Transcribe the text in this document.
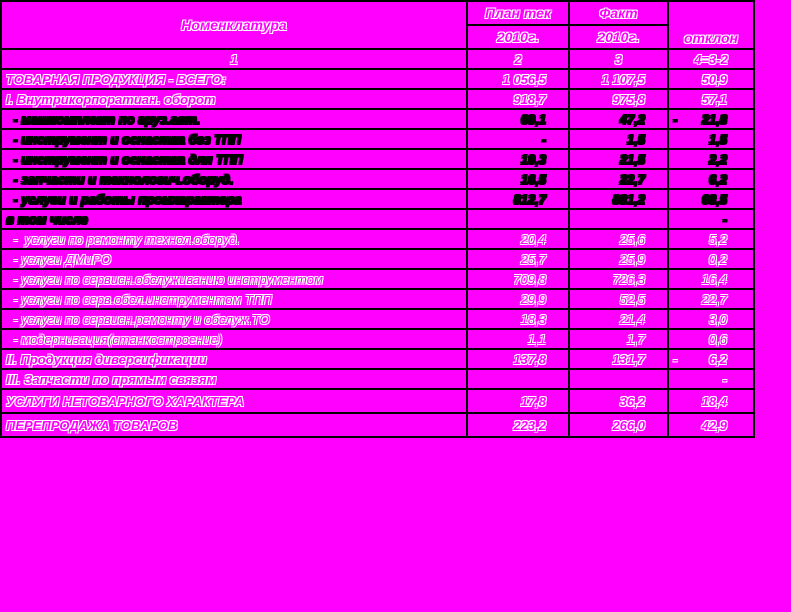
Номенклатура	План тек	Факт	отклон
	2010г.	2010г.	
1	2	3	4=3-2
ТОВАРНАЯ ПРОДУКЦИЯ - ВСЕГО:	1 056,5	1 107,5	50,9
I. Внутрикорпоратиан. оборот	918,7	975,8	57,1
- машкомплект по груз.авт.	69,1	47,2	- 21,8
- инструмент и оснастка без ТПП	-	1,5	1,5
- инструмент и оснастка для ТПП	19,3	21,5	2,2
- запчасти и технологич.оборуд.	16,5	22,7	6,2
- услуги и работы промхарактера	812,7	881,2	68,5
в том числе			-
-  услуги по ремонту технол.оборуд.	20,4	25,6	5,2
- услуги ДМиРО	25,7	25,9	0,2
- услуги по сервисн.обслуживанию инструментом	709,8	726,3	16,4
- услуги по серв.обсл.инструментом ТПП	29,9	52,5	22,7
- услуги по сервисн.ремонту и обслуж.ТО	18,3	21,4	3,0
- модернизация(станкостроение)	1,1	1,7	0,6
II. Продукция диверсификации	137,8	131,7	- 6,2
III. Запчасти по прямым связям			-
УСЛУГИ НЕТОВАРНОГО ХАРАКТЕРА	17,8	36,2	18,4
ПЕРЕПРОДАЖА ТОВАРОВ	223,2	266,0	42,9
